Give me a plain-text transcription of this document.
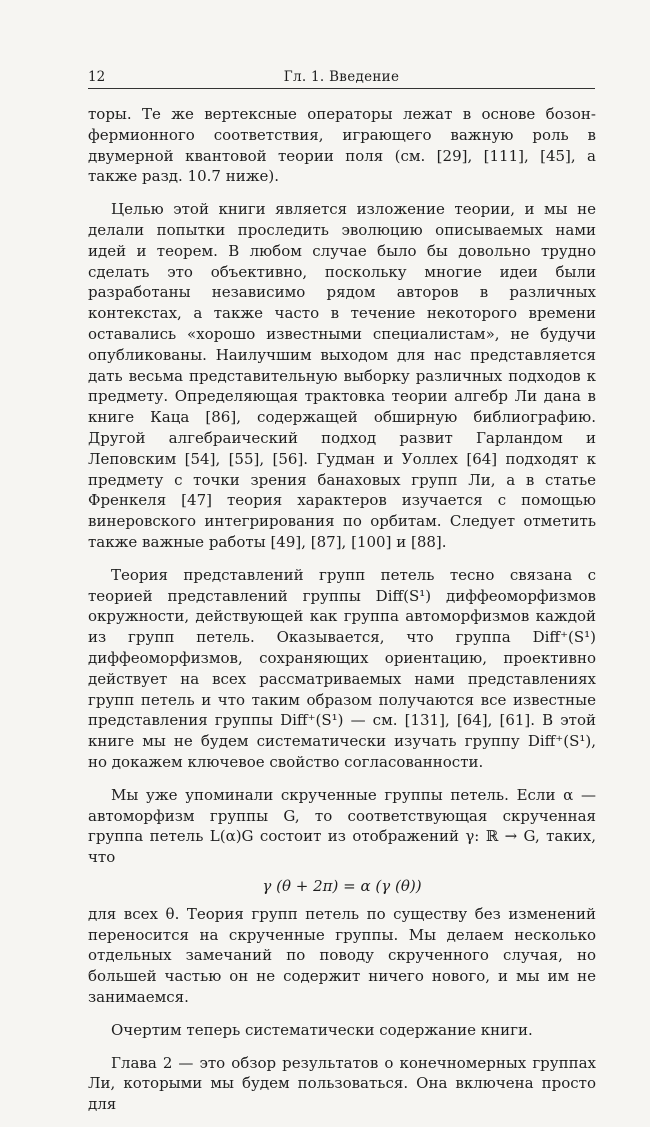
12	Гл. 1. Введение

торы. Те же вертексные операторы лежат в основе бозон-фермионного соответствия, играющего важную роль в двумерной квантовой теории поля (см. [29], [111], [45], а также разд. 10.7 ниже).

Целью этой книги является изложение теории, и мы не делали попытки проследить эволюцию описываемых нами идей и теорем. В любом случае было бы довольно трудно сделать это объективно, поскольку многие идеи были разработаны независимо рядом авторов в различных контекстах, а также часто в течение некоторого времени оставались «хорошо известными специалистам», не будучи опубликованы. Наилучшим выходом для нас представляется дать весьма представительную выборку различных подходов к предмету. Определяющая трактовка теории алгебр Ли дана в книге Каца [86], содержащей обширную библиографию. Другой алгебраический подход развит Гарландом и Леповским [54], [55], [56]. Гудман и Уоллех [64] подходят к предмету с точки зрения банаховых групп Ли, а в статье Френкеля [47] теория характеров изучается с помощью винеровского интегрирования по орбитам. Следует отметить также важные работы [49], [87], [100] и [88].

Теория представлений групп петель тесно связана с теорией представлений группы Diff(S¹) диффеоморфизмов окружности, действующей как группа автоморфизмов каждой из групп петель. Оказывается, что группа Diff⁺(S¹) диффеоморфизмов, сохраняющих ориентацию, проективно действует на всех рассматриваемых нами представлениях групп петель и что таким образом получаются все известные представления группы Diff⁺(S¹) — см. [131], [64], [61]. В этой книге мы не будем систематически изучать группу Diff⁺(S¹), но докажем ключевое свойство согласованности.

Мы уже упоминали скрученные группы петель. Если α — автоморфизм группы G, то соответствующая скрученная группа петель L(α)G состоит из отображений γ: ℝ → G, таких, что

γ (θ + 2π) = α (γ (θ))

для всех θ. Теория групп петель по существу без изменений переносится на скрученные группы. Мы делаем несколько отдельных замечаний по поводу скрученного случая, но большей частью он не содержит ничего нового, и мы им не занимаемся.

Очертим теперь систематически содержание книги.

Глава 2 — это обзор результатов о конечномерных группах Ли, которыми мы будем пользоваться. Она включена просто для
